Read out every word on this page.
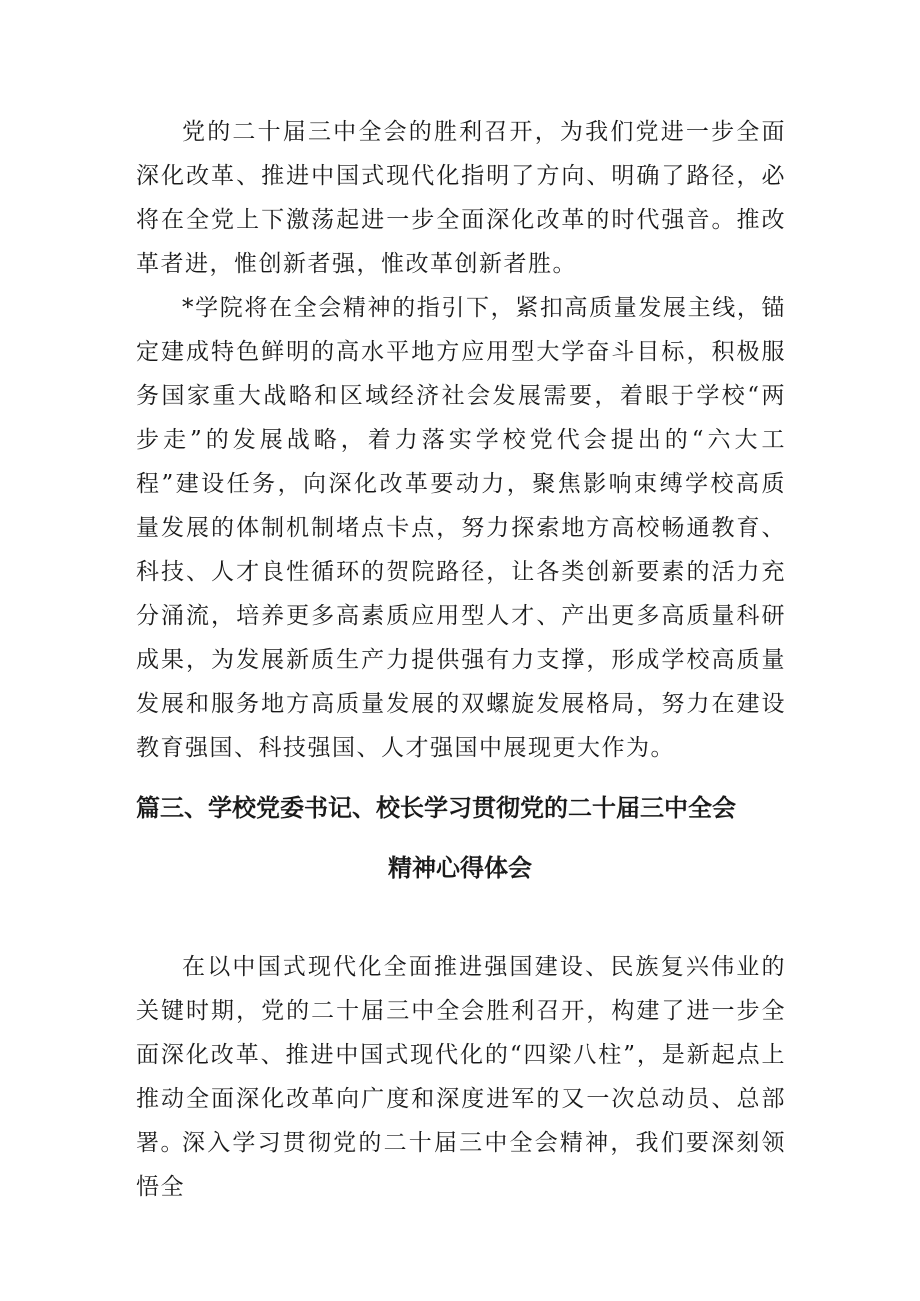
党的二十届三中全会的胜利召开，为我们党进一步全面深化改革、推进中国式现代化指明了方向、明确了路径，必将在全党上下激荡起进一步全面深化改革的时代强音。推改革者进，惟创新者强，惟改革创新者胜。

*学院将在全会精神的指引下，紧扣高质量发展主线，锚定建成特色鲜明的高水平地方应用型大学奋斗目标，积极服务国家重大战略和区域经济社会发展需要，着眼于学校“两步走”的发展战略，着力落实学校党代会提出的“六大工程”建设任务，向深化改革要动力，聚焦影响束缚学校高质量发展的体制机制堵点卡点，努力探索地方高校畅通教育、科技、人才良性循环的贺院路径，让各类创新要素的活力充分涌流，培养更多高素质应用型人才、产出更多高质量科研成果，为发展新质生产力提供强有力支撑，形成学校高质量发展和服务地方高质量发展的双螺旋发展格局，努力在建设教育强国、科技强国、人才强国中展现更大作为。

篇三、学校党委书记、校长学习贯彻党的二十届三中全会
精神心得体会

在以中国式现代化全面推进强国建设、民族复兴伟业的关键时期，党的二十届三中全会胜利召开，构建了进一步全面深化改革、推进中国式现代化的“四梁八柱”，是新起点上推动全面深化改革向广度和深度进军的又一次总动员、总部署。

深入学习贯彻党的二十届三中全会精神，我们要深刻领悟全
